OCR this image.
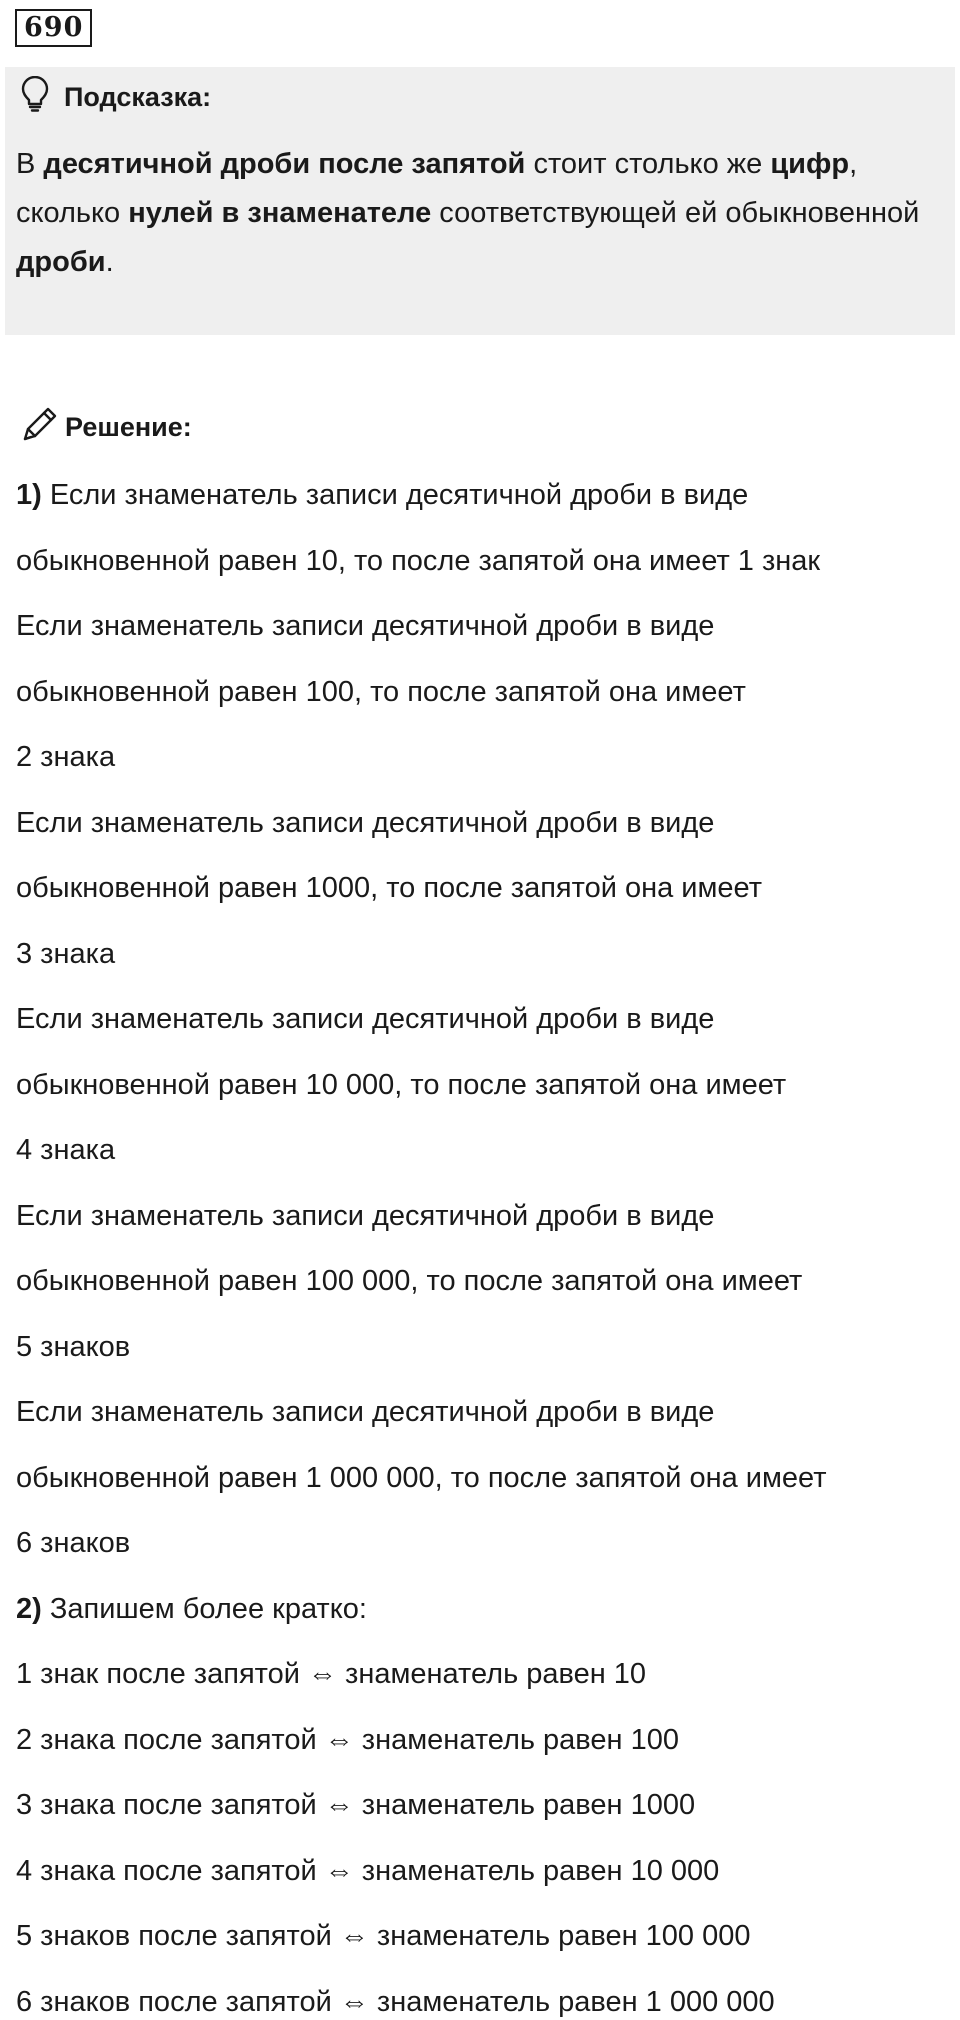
690
Подсказка:
В десятичной дроби после запятой стоит столько же цифр, сколько нулей в знаменателе соответствующей ей обыкновенной дроби.
Решение:
1) Если знаменатель записи десятичной дроби в виде
обыкновенной равен 10, то после запятой она имеет 1 знак
Если знаменатель записи десятичной дроби в виде
обыкновенной равен 100, то после запятой она имеет
2 знака
Если знаменатель записи десятичной дроби в виде
обыкновенной равен 1000, то после запятой она имеет
3 знака
Если знаменатель записи десятичной дроби в виде
обыкновенной равен 10 000, то после запятой она имеет
4 знака
Если знаменатель записи десятичной дроби в виде
обыкновенной равен 100 000, то после запятой она имеет
5 знаков
Если знаменатель записи десятичной дроби в виде
обыкновенной равен 1 000 000, то после запятой она имеет
6 знаков
2) Запишем более кратко:
1 знак после запятой ⇔ знаменатель равен 10
2 знака после запятой ⇔ знаменатель равен 100
3 знака после запятой ⇔ знаменатель равен 1000
4 знака после запятой ⇔ знаменатель равен 10 000
5 знаков после запятой ⇔ знаменатель равен 100 000
6 знаков после запятой ⇔ знаменатель равен 1 000 000
